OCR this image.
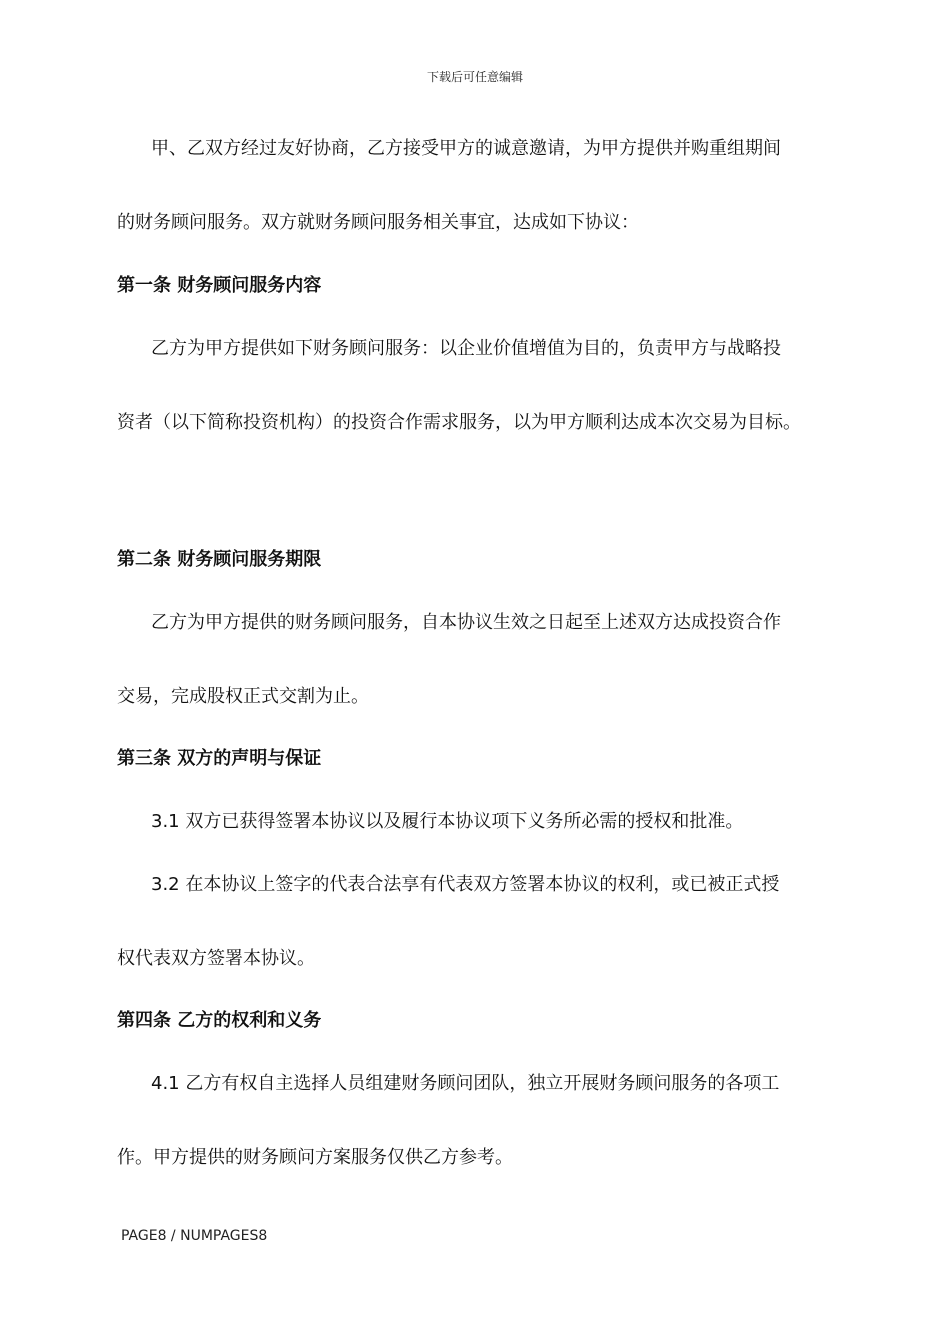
下载后可任意编辑
甲、乙双方经过友好协商，乙方接受甲方的诚意邀请，为甲方提供并购重组期间
的财务顾问服务。双方就财务顾问服务相关事宜，达成如下协议：
第一条 财务顾问服务内容
乙方为甲方提供如下财务顾问服务：以企业价值增值为目的，负责甲方与战略投
资者（以下简称投资机构）的投资合作需求服务，以为甲方顺利达成本次交易为目标。
第二条 财务顾问服务期限
乙方为甲方提供的财务顾问服务，自本协议生效之日起至上述双方达成投资合作
交易，完成股权正式交割为止。
第三条 双方的声明与保证
3.1 双方已获得签署本协议以及履行本协议项下义务所必需的授权和批准。
3.2 在本协议上签字的代表合法享有代表双方签署本协议的权利，或已被正式授
权代表双方签署本协议。
第四条 乙方的权利和义务
4.1 乙方有权自主选择人员组建财务顾问团队，独立开展财务顾问服务的各项工
作。甲方提供的财务顾问方案服务仅供乙方参考。
PAGE8 / NUMPAGES8
